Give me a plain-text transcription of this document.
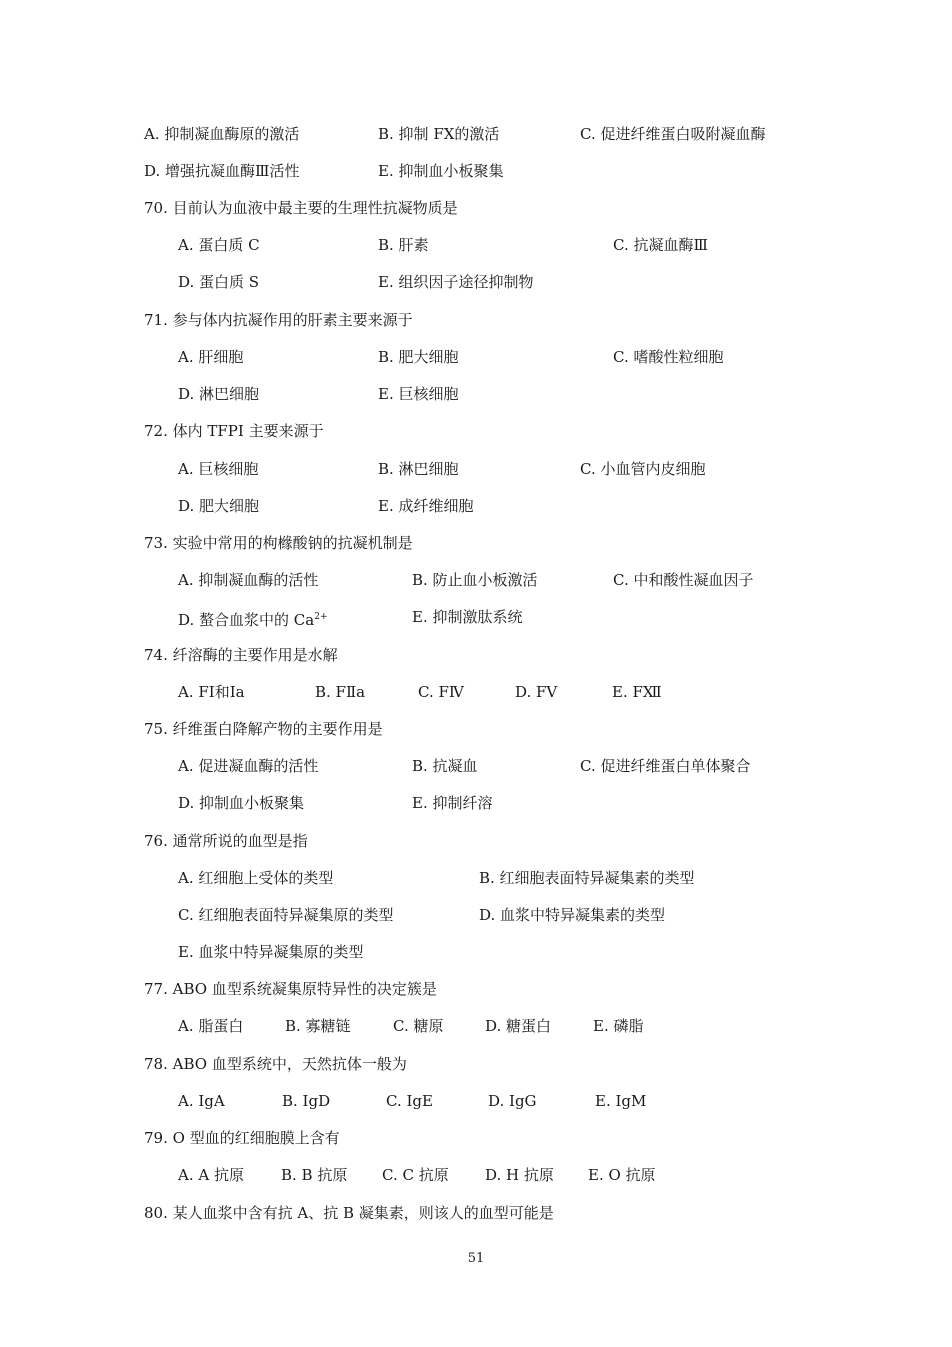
A. 抑制凝血酶原的激活	B. 抑制 FⅩ的激活	C. 促进纤维蛋白吸附凝血酶
D. 增强抗凝血酶Ⅲ活性	E. 抑制血小板聚集
70. 目前认为血液中最主要的生理性抗凝物质是
A. 蛋白质 C	B. 肝素	C. 抗凝血酶Ⅲ
D. 蛋白质 S	E. 组织因子途径抑制物
71. 参与体内抗凝作用的肝素主要来源于
A. 肝细胞	B. 肥大细胞	C. 嗜酸性粒细胞
D. 淋巴细胞	E. 巨核细胞
72. 体内 TFPI 主要来源于
A. 巨核细胞	B. 淋巴细胞	C. 小血管内皮细胞
D. 肥大细胞	E. 成纤维细胞
73. 实验中常用的枸橼酸钠的抗凝机制是
A. 抑制凝血酶的活性	B. 防止血小板激活	C. 中和酸性凝血因子
D. 螯合血浆中的 $Ca^{2+}$	E. 抑制激肽系统
74. 纤溶酶的主要作用是水解
A. FⅠ和Ⅰa	B. FⅡa	C. FⅣ	D. FⅤ	E. FⅫ
75. 纤维蛋白降解产物的主要作用是
A. 促进凝血酶的活性	B. 抗凝血	C. 促进纤维蛋白单体聚合
D. 抑制血小板聚集	E. 抑制纤溶
76. 通常所说的血型是指
A. 红细胞上受体的类型	B. 红细胞表面特异凝集素的类型
C. 红细胞表面特异凝集原的类型	D. 血浆中特异凝集素的类型
E. 血浆中特异凝集原的类型
77. ABO 血型系统凝集原特异性的决定簇是
A. 脂蛋白	B. 寡糖链	C. 糖原	D. 糖蛋白	E. 磷脂
78. ABO 血型系统中，天然抗体一般为
A. IgA	B. IgD	C. IgE	D. IgG	E. IgM
79. O 型血的红细胞膜上含有
A. A 抗原 B. B 抗原 C. C 抗原 D. H 抗原 E. O 抗原
80. 某人血浆中含有抗 A、抗 B 凝集素，则该人的血型可能是
51
